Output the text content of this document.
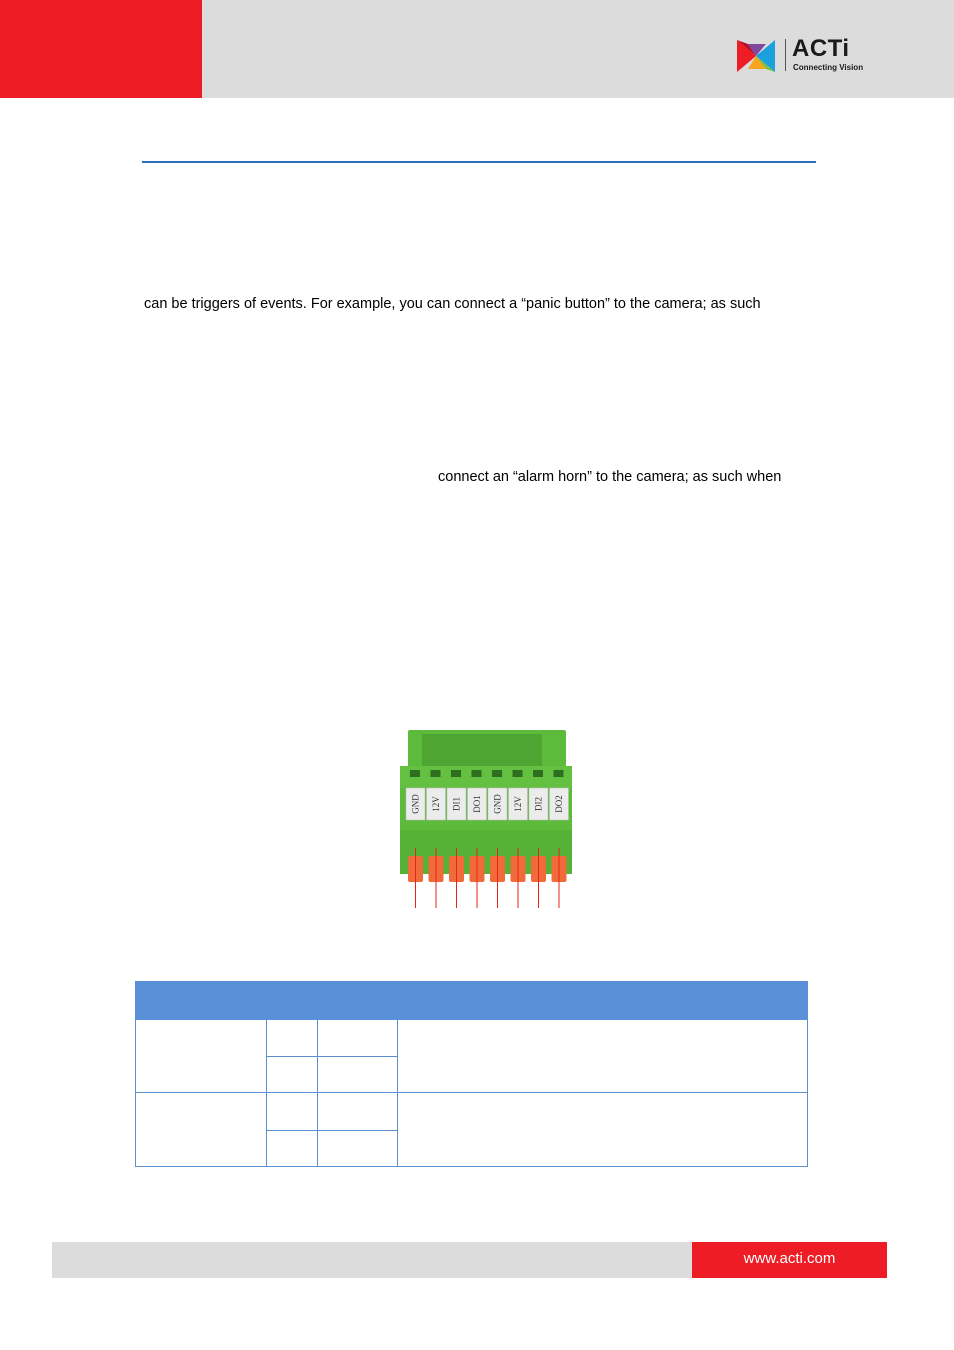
ACTi
Connecting Vision
can be triggers of events. For example, you can connect a “panic button” to the camera; as such
connect an “alarm horn” to the camera; as such when
GND 12V DI1 DO1 GND 12V DI2 DO2

www.acti.com
